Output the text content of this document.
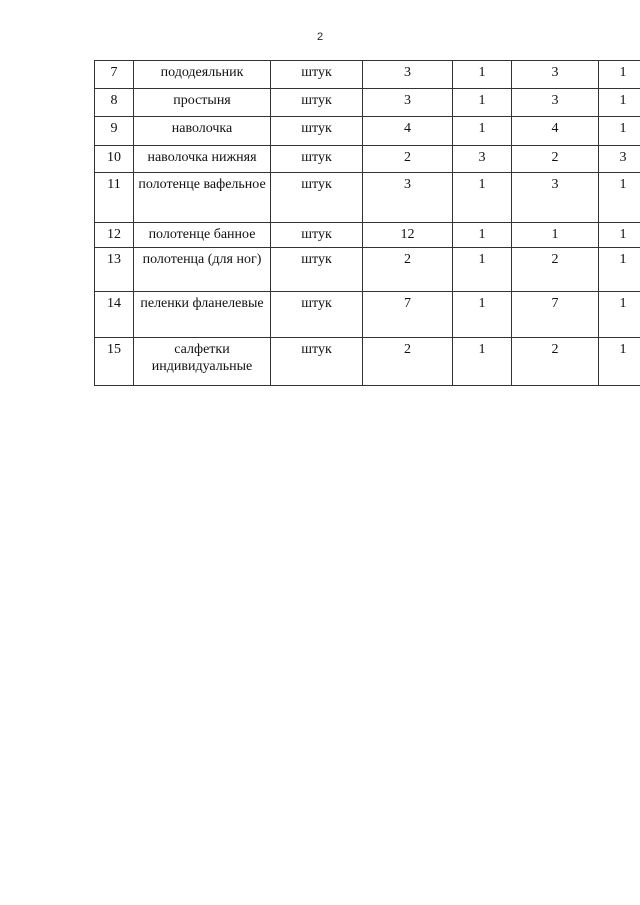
2
7	пододеяльник	штук	3	1	3	1
8	простыня	штук	3	1	3	1
9	наволочка	штук	4	1	4	1
10	наволочка нижняя	штук	2	3	2	3
11	полотенце вафельное	штук	3	1	3	1
12	полотенце банное	штук	12	1	1	1
13	полотенца (для ног)	штук	2	1	2	1
14	пеленки фланелевые	штук	7	1	7	1
15	салфетки индивидуальные	штук	2	1	2	1
